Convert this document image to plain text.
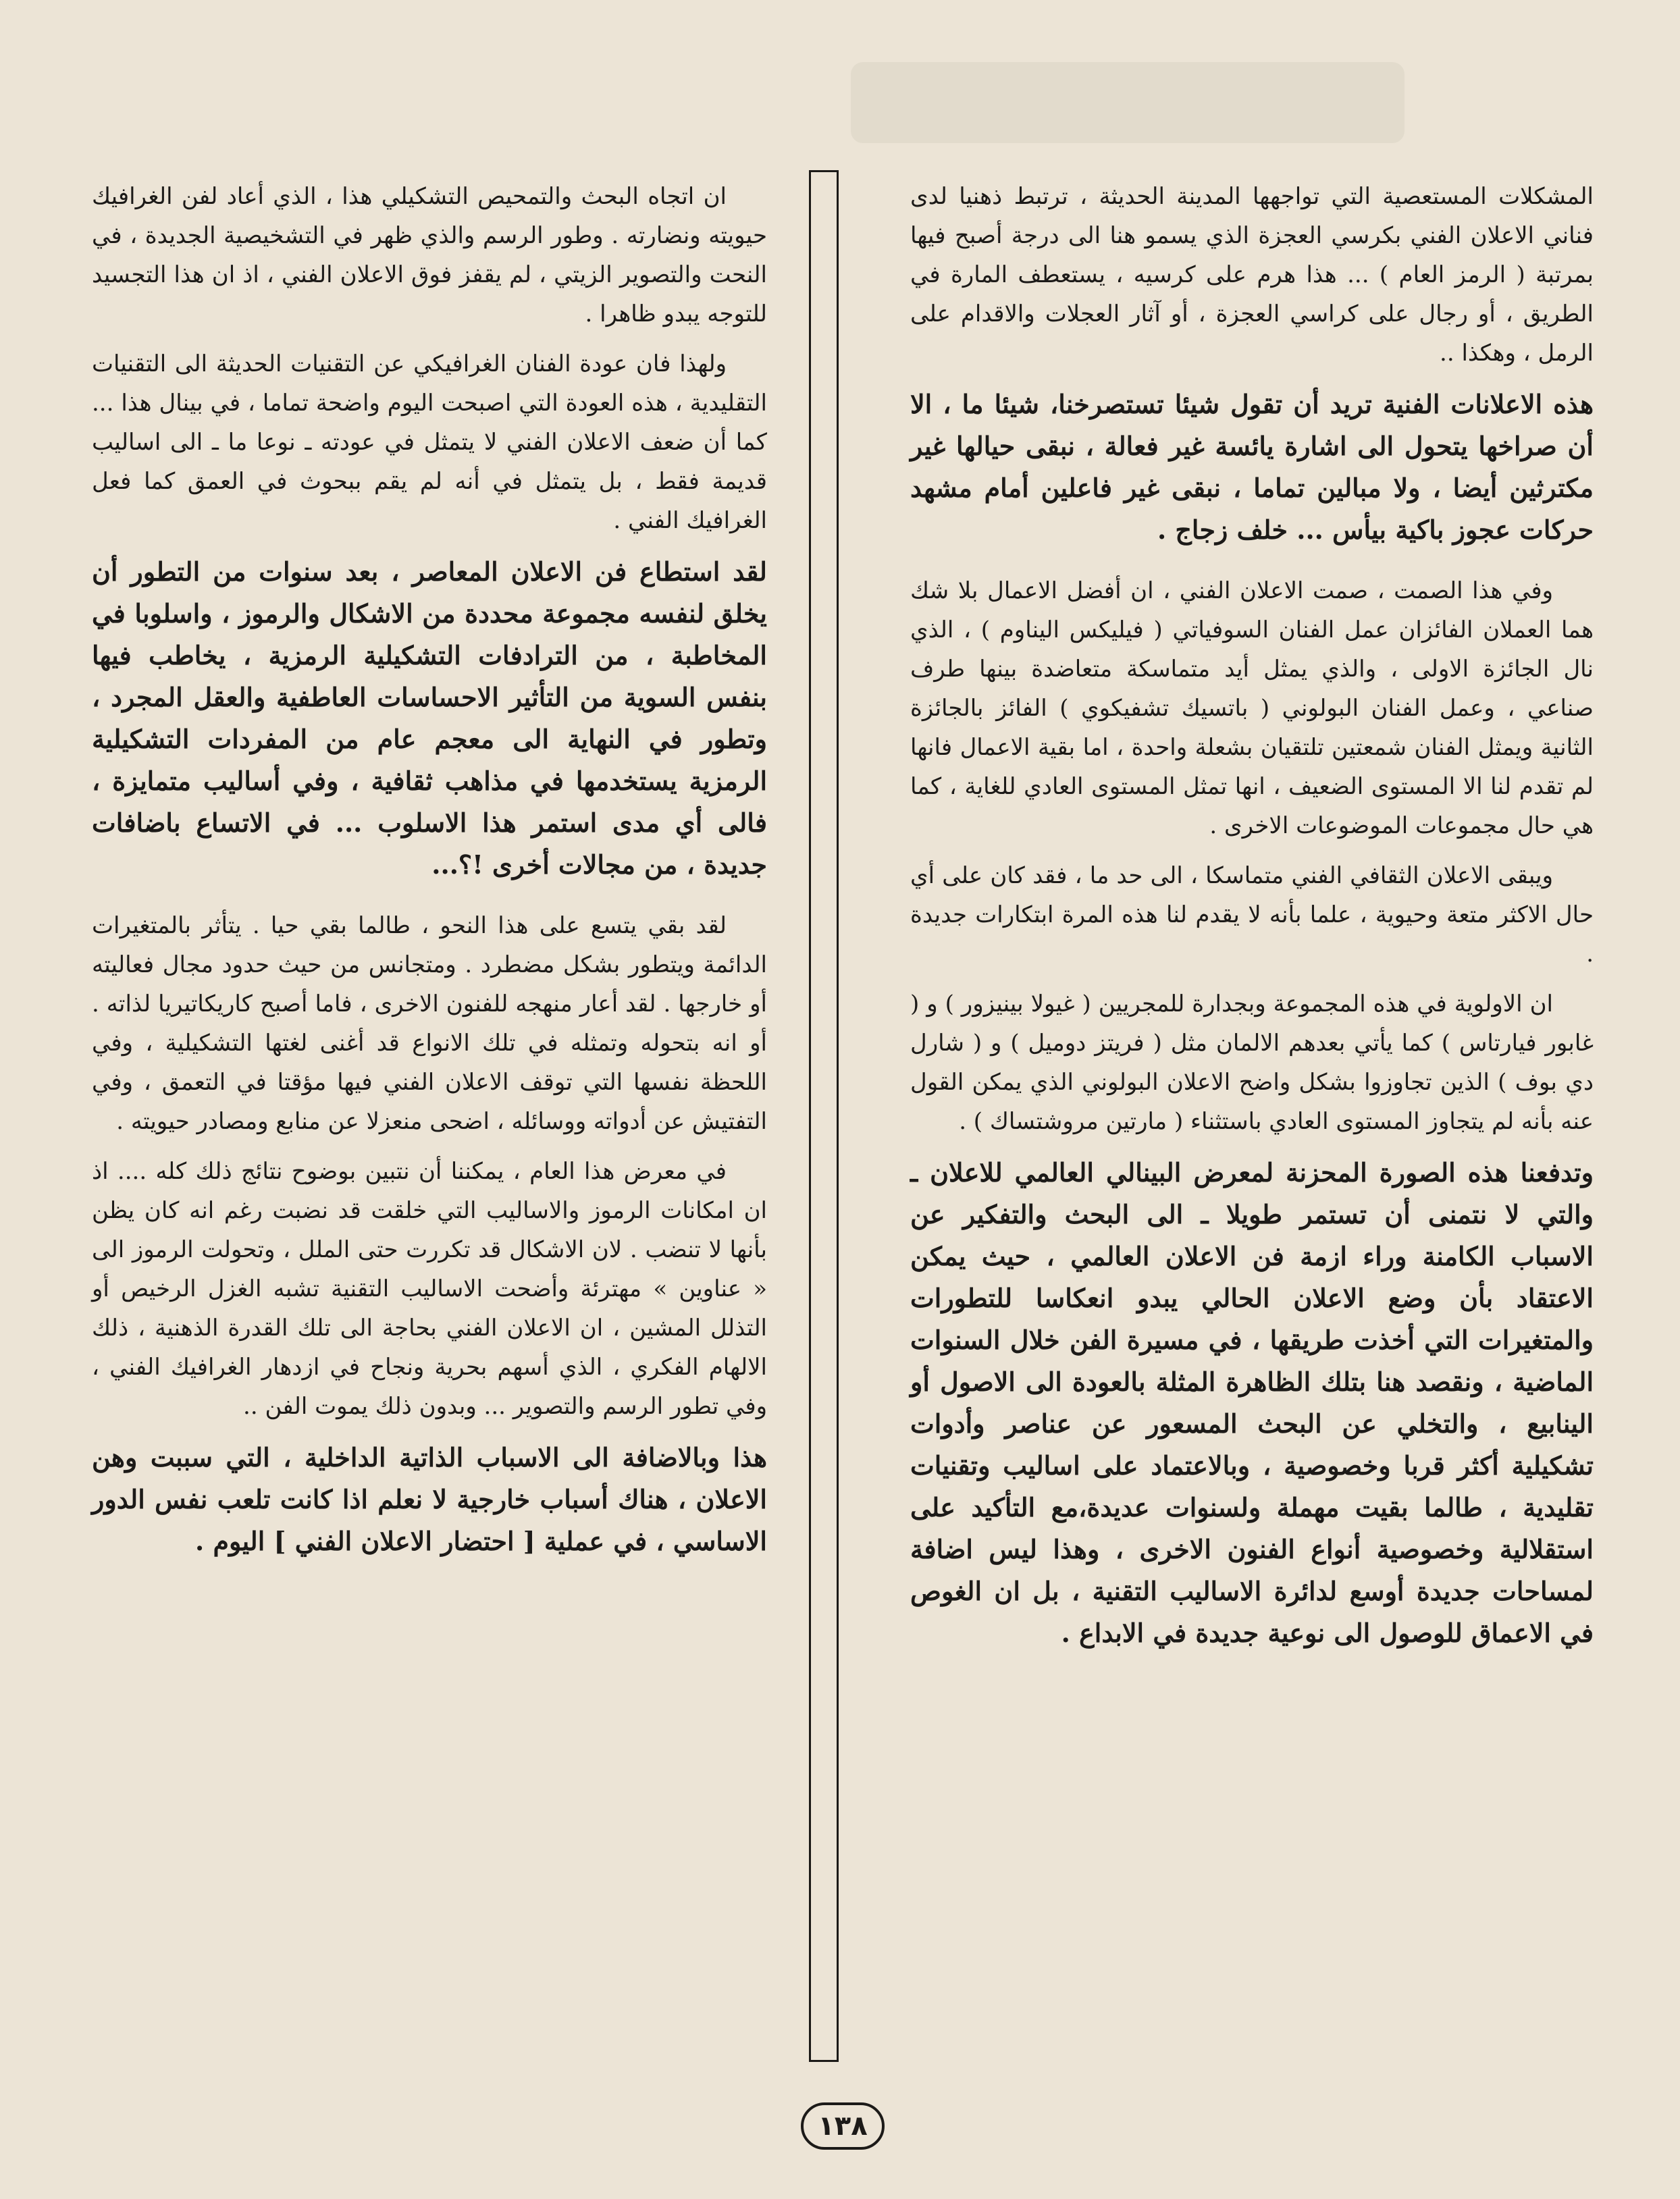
المشكلات المستعصية التي تواجهها المدينة الحديثة ، ترتبط ذهنيا لدى فناني الاعلان الفني بكرسي العجزة الذي يسمو هنا الى درجة أصبح فيها بمرتبة ( الرمز العام ) ... هذا هرم على كرسيه ، يستعطف المارة في الطريق ، أو رجال على كراسي العجزة ، أو آثار العجلات والاقدام على الرمل ، وهكذا ..

هذه الاعلانات الفنية تريد أن تقول شيئا تستصرخنا، شيئا ما ، الا أن صراخها يتحول الى اشارة يائسة غير فعالة ، نبقى حيالها غير مكترثين أيضا ، ولا مبالين تماما ، نبقى غير فاعلين أمام مشهد حركات عجوز باكية بيأس ... خلف زجاج .

وفي هذا الصمت ، صمت الاعلان الفني ، ان أفضل الاعمال بلا شك هما العملان الفائزان عمل الفنان السوفياتي ( فيليكس اليناوم ) ، الذي نال الجائزة الاولى ، والذي يمثل أيد متماسكة متعاضدة بينها طرف صناعي ، وعمل الفنان البولوني ( باتسيك تشفيكوي ) الفائز بالجائزة الثانية ويمثل الفنان شمعتين تلتقيان بشعلة واحدة ، اما بقية الاعمال فانها لم تقدم لنا الا المستوى الضعيف ، انها تمثل المستوى العادي للغاية ، كما هي حال مجموعات الموضوعات الاخرى .

ويبقى الاعلان الثقافي الفني متماسكا ، الى حد ما ، فقد كان على أي حال الاكثر متعة وحيوية ، علما بأنه لا يقدم لنا هذه المرة ابتكارات جديدة .

ان الاولوية في هذه المجموعة وبجدارة للمجريين ( غيولا بينيزور ) و ( غابور فيارتاس ) كما يأتي بعدهم الالمان مثل ( فريتز دوميل ) و ( شارل دي بوف ) الذين تجاوزوا بشكل واضح الاعلان البولوني الذي يمكن القول عنه بأنه لم يتجاوز المستوى العادي باستثناء ( مارتين مروشتساك ) .

وتدفعنا هذه الصورة المحزنة لمعرض البينالي العالمي للاعلان ـ والتي لا نتمنى أن تستمر طويلا ـ الى البحث والتفكير عن الاسباب الكامنة وراء ازمة فن الاعلان العالمي ، حيث يمكن الاعتقاد بأن وضع الاعلان الحالي يبدو انعكاسا للتطورات والمتغيرات التي أخذت طريقها ، في مسيرة الفن خلال السنوات الماضية ، ونقصد هنا بتلك الظاهرة المثلة بالعودة الى الاصول أو الينابيع ، والتخلي عن البحث المسعور عن عناصر وأدوات تشكيلية أكثر قربا وخصوصية ، وبالاعتماد على اساليب وتقنيات تقليدية ، طالما بقيت مهملة ولسنوات عديدة،مع التأكيد على استقلالية وخصوصية أنواع الفنون الاخرى ، وهذا ليس اضافة لمساحات جديدة أوسع لدائرة الاساليب التقنية ، بل ان الغوص في الاعماق للوصول الى نوعية جديدة في الابداع .

ان اتجاه البحث والتمحيص التشكيلي هذا ، الذي أعاد لفن الغرافيك حيويته ونضارته . وطور الرسم والذي ظهر في التشخيصية الجديدة ، في النحت والتصوير الزيتي ، لم يقفز فوق الاعلان الفني ، اذ ان هذا التجسيد للتوجه يبدو ظاهرا .

ولهذا فان عودة الفنان الغرافيكي عن التقنيات الحديثة الى التقنيات التقليدية ، هذه العودة التي اصبحت اليوم واضحة تماما ، في بينال هذا ... كما أن ضعف الاعلان الفني لا يتمثل في عودته ـ نوعا ما ـ الى اساليب قديمة فقط ، بل يتمثل في أنه لم يقم ببحوث في العمق كما فعل الغرافيك الفني .

لقد استطاع فن الاعلان المعاصر ، بعد سنوات من التطور أن يخلق لنفسه مجموعة محددة من الاشكال والرموز ، واسلوبا في المخاطبة ، من الترادفات التشكيلية الرمزية ، يخاطب فيها بنفس السوية من التأثير الاحساسات العاطفية والعقل المجرد ، وتطور في النهاية الى معجم عام من المفردات التشكيلية الرمزية يستخدمها في مذاهب ثقافية ، وفي أساليب متمايزة ، فالى أي مدى استمر هذا الاسلوب ... في الاتساع باضافات جديدة ، من مجالات أخرى !؟...

لقد بقي يتسع على هذا النحو ، طالما بقي حيا . يتأثر بالمتغيرات الدائمة ويتطور بشكل مضطرد . ومتجانس من حيث حدود مجال فعاليته أو خارجها . لقد أعار منهجه للفنون الاخرى ، فاما أصبح كاريكاتيريا لذاته . أو انه بتحوله وتمثله في تلك الانواع قد أغنى لغتها التشكيلية ، وفي اللحظة نفسها التي توقف الاعلان الفني فيها مؤقتا في التعمق ، وفي التفتيش عن أدواته ووسائله ، اضحى منعزلا عن منابع ومصادر حيويته .

في معرض هذا العام ، يمكننا أن نتبين بوضوح نتائج ذلك كله .... اذ ان امكانات الرموز والاساليب التي خلقت قد نضبت رغم انه كان يظن بأنها لا تنضب . لان الاشكال قد تكررت حتى الملل ، وتحولت الرموز الى « عناوين » مهترئة وأضحت الاساليب التقنية تشبه الغزل الرخيص أو التذلل المشين ، ان الاعلان الفني بحاجة الى تلك القدرة الذهنية ، ذلك الالهام الفكري ، الذي أسهم بحرية ونجاح في ازدهار الغرافيك الفني ، وفي تطور الرسم والتصوير ... وبدون ذلك يموت الفن ..

هذا وبالاضافة الى الاسباب الذاتية الداخلية ، التي سببت وهن الاعلان ، هناك أسباب خارجية لا نعلم اذا كانت تلعب نفس الدور الاساسي ، في عملية [ احتضار الاعلان الفني ] اليوم .

١٣٨
